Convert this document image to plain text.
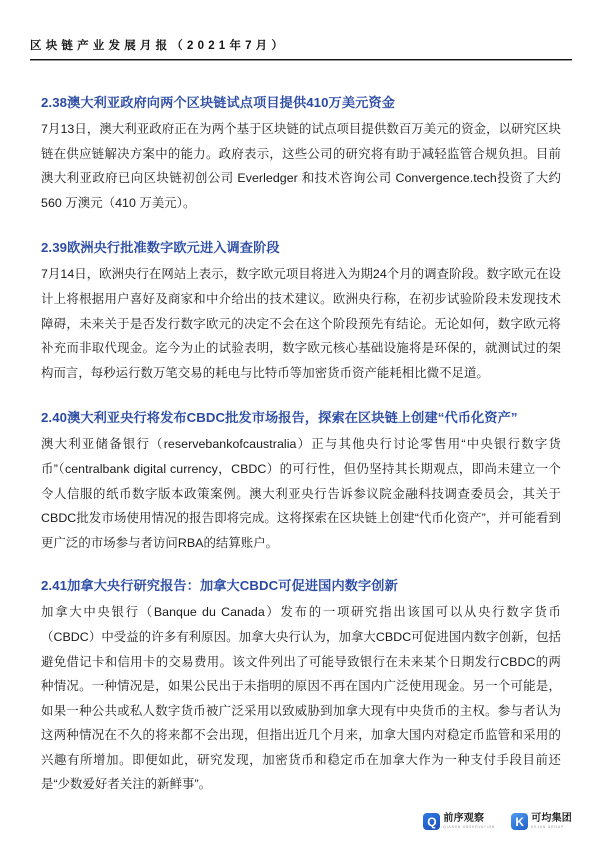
区块链产业发展月报（2021年7月）
2.38澳大利亚政府向两个区块链试点项目提供410万美元资金

7月13日，澳大利亚政府正在为两个基于区块链的试点项目提供数百万美元的资金，以研究区块链在供应链解决方案中的能力。政府表示，这些公司的研究将有助于减轻监管合规负担。目前澳大利亚政府已向区块链初创公司 Everledger 和技术咨询公司 Convergence.tech投资了大约 560 万澳元（410 万美元）。

2.39欧洲央行批准数字欧元进入调查阶段

7月14日，欧洲央行在网站上表示，数字欧元项目将进入为期24个月的调查阶段。数字欧元在设计上将根据用户喜好及商家和中介给出的技术建议。欧洲央行称，在初步试验阶段未发现技术障碍，未来关于是否发行数字欧元的决定不会在这个阶段预先有结论。无论如何，数字欧元将补充而非取代现金。迄今为止的试验表明，数字欧元核心基础设施将是环保的，就测试过的架构而言，每秒运行数万笔交易的耗电与比特币等加密货币资产能耗相比微不足道。

2.40澳大利亚央行将发布CBDC批发市场报告，探索在区块链上创建“代币化资产”

澳大利亚储备银行（reservebankofcaustralia）正与其他央行讨论零售用“中央银行数字货币”（centralbank digital currency，CBDC）的可行性，但仍坚持其长期观点，即尚未建立一个令人信服的纸币数字版本政策案例。澳大利亚央行告诉参议院金融科技调查委员会，其关于CBDC批发市场使用情况的报告即将完成。这将探索在区块链上创建“代币化资产”，并可能看到更广泛的市场参与者访问RBA的结算账户。

2.41加拿大央行研究报告：加拿大CBDC可促进国内数字创新

加拿大中央银行（Banque du Canada）发布的一项研究指出该国可以从央行数字货币（CBDC）中受益的许多有利原因。加拿大央行认为，加拿大CBDC可促进国内数字创新，包括避免借记卡和信用卡的交易费用。该文件列出了可能导致银行在未来某个日期发行CBDC的两种情况。一种情况是，如果公民出于未指明的原因不再在国内广泛使用现金。另一个可能是，如果一种公共或私人数字货币被广泛采用以致威胁到加拿大现有中央货币的主权。参与者认为这两种情况在不久的将来都不会出现，但指出近几个月来，加拿大国内对稳定币监管和采用的兴趣有所增加。即便如此，研究发现，加密货币和稳定币在加拿大作为一种支付手段目前还是“少数爱好者关注的新鲜事”。

Q 前序观察
QIANXU OBSERVATION	K 可均集团
KEJUN GROUP
